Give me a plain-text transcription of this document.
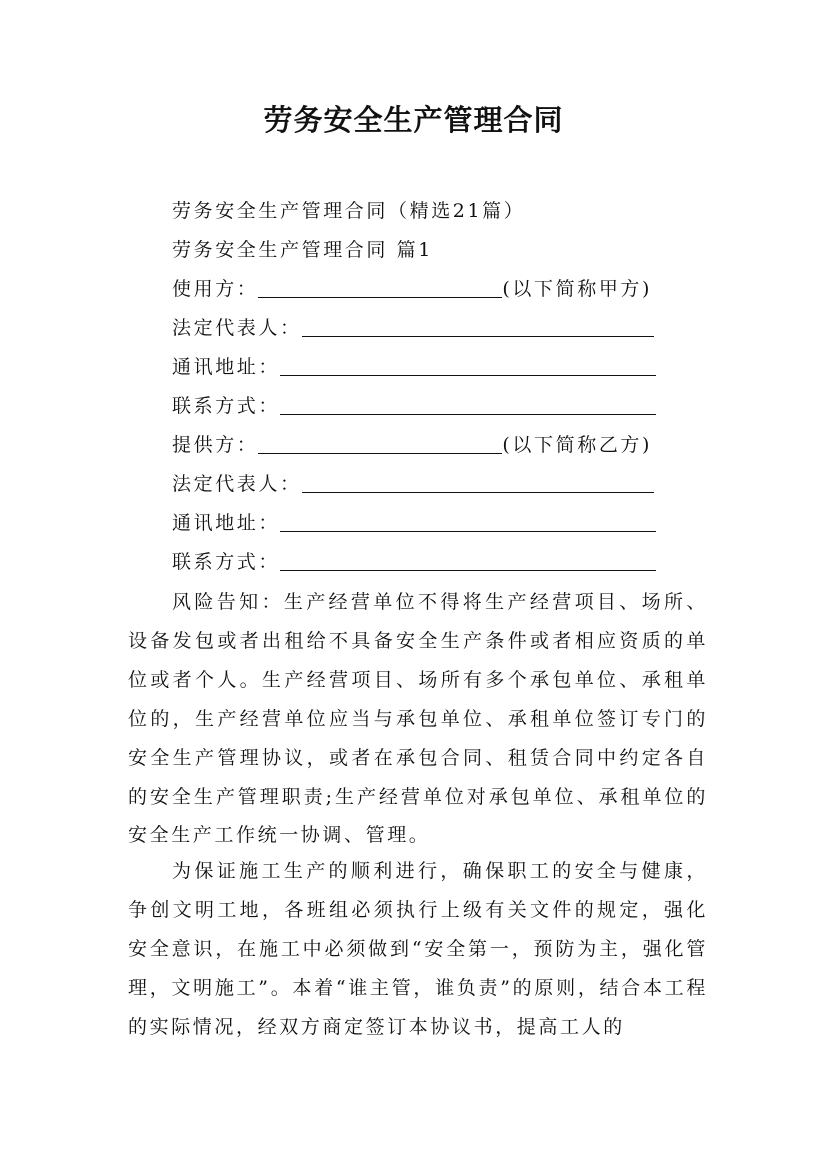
劳务安全生产管理合同
劳务安全生产管理合同（精选21篇）
劳务安全生产管理合同 篇1
使用方：	(以下简称甲方)
法定代表人：
通讯地址：
联系方式：
提供方：	(以下简称乙方)
法定代表人：
通讯地址：
联系方式：
风险告知：生产经营单位不得将生产经营项目、场所、设备发包或者出租给不具备安全生产条件或者相应资质的单位或者个人。生产经营项目、场所有多个承包单位、承租单位的，生产经营单位应当与承包单位、承租单位签订专门的安全生产管理协议，或者在承包合同、租赁合同中约定各自的安全生产管理职责;生产经营单位对承包单位、承租单位的安全生产工作统一协调、管理。
为保证施工生产的顺利进行，确保职工的安全与健康，争创文明工地，各班组必须执行上级有关文件的规定，强化安全意识，在施工中必须做到“安全第一，预防为主，强化管理，文明施工”。本着“谁主管，谁负责”的原则，结合本工程的实际情况，经双方商定签订本协议书，提高工人的
